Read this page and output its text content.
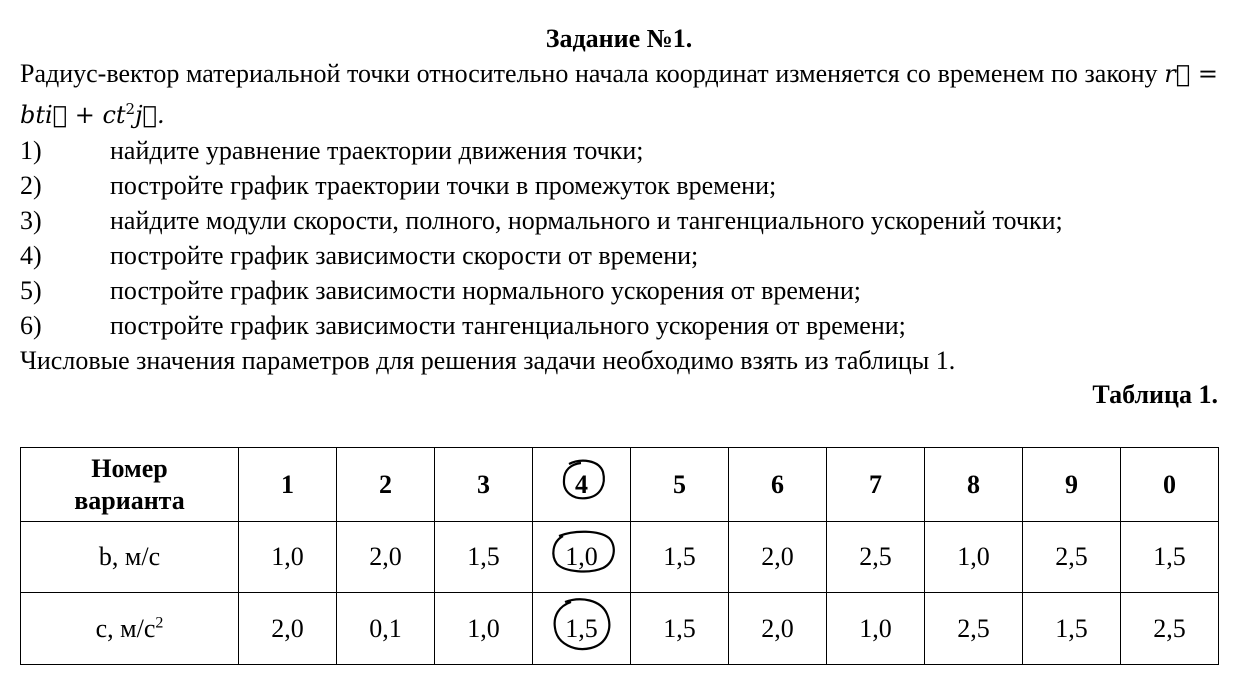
Задание №1.

Радиус-вектор материальной точки относительно начала координат изменяется со временем по закону r⃗ = bti⃗ + $ct^2j⃗$.

1)	найдите уравнение траектории движения точки;
2)	постройте график траектории точки в промежуток времени;

3)	найдите модули скорости, полного, нормального и тангенциального ускорений точки;

4)	постройте график зависимости скорости от времени;
5)	постройте график зависимости нормального ускорения от времени;
6)	постройте график зависимости тангенциального ускорения от времени;

Числовые значения параметров для решения задачи необходимо взять из таблицы 1.

Таблица 1.

Номер
варианта	1	2	3	4	5	6	7	8	9	0
b, м/с	1,0	2,0	1,5	1,0	1,5	2,0	2,5	1,0	2,5	1,5
c, $м/с^2$	2,0	0,1	1,0	1,5	1,5	2,0	1,0	2,5	1,5	2,5
